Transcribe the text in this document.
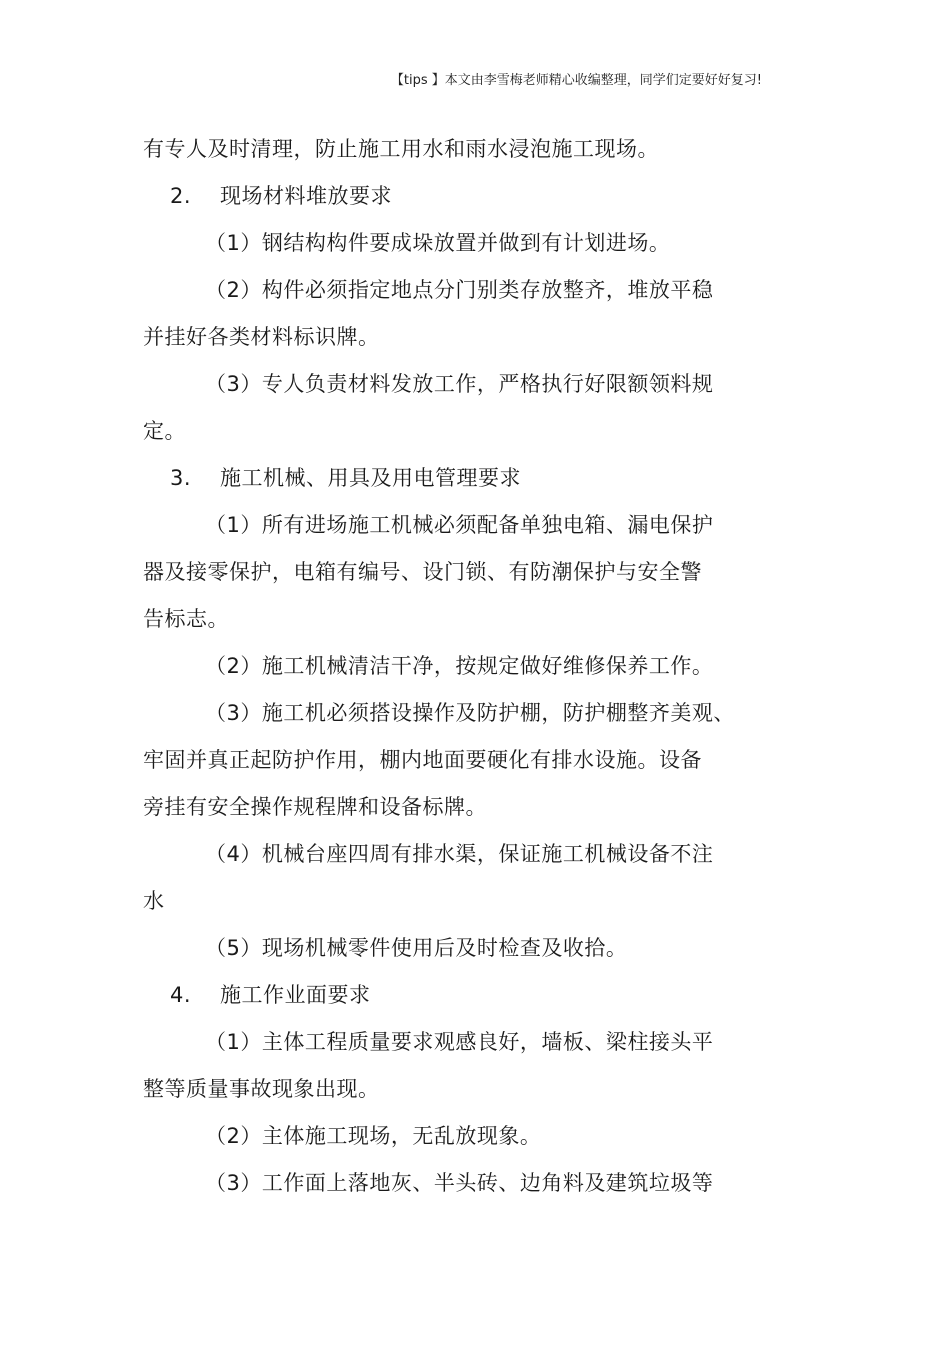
【tips 】本文由李雪梅老师精心收编整理，同学们定要好好复习!
有专人及时清理，防止施工用水和雨水浸泡施工现场。
2. 现场材料堆放要求
（1）钢结构构件要成垛放置并做到有计划进场。
（2）构件必须指定地点分门别类存放整齐，堆放平稳
并挂好各类材料标识牌。
（3）专人负责材料发放工作，严格执行好限额领料规
定。
3. 施工机械、用具及用电管理要求
（1）所有进场施工机械必须配备单独电箱、漏电保护
器及接零保护，电箱有编号、设门锁、有防潮保护与安全警
告标志。
（2）施工机械清洁干净，按规定做好维修保养工作。
（3）施工机必须搭设操作及防护棚，防护棚整齐美观、
牢固并真正起防护作用，棚内地面要硬化有排水设施。设备
旁挂有安全操作规程牌和设备标牌。
（4）机械台座四周有排水渠，保证施工机械设备不注
水
（5）现场机械零件使用后及时检查及收拾。
4. 施工作业面要求
（1）主体工程质量要求观感良好，墙板、梁柱接头平
整等质量事故现象出现。
（2）主体施工现场，无乱放现象。
（3）工作面上落地灰、半头砖、边角料及建筑垃圾等
